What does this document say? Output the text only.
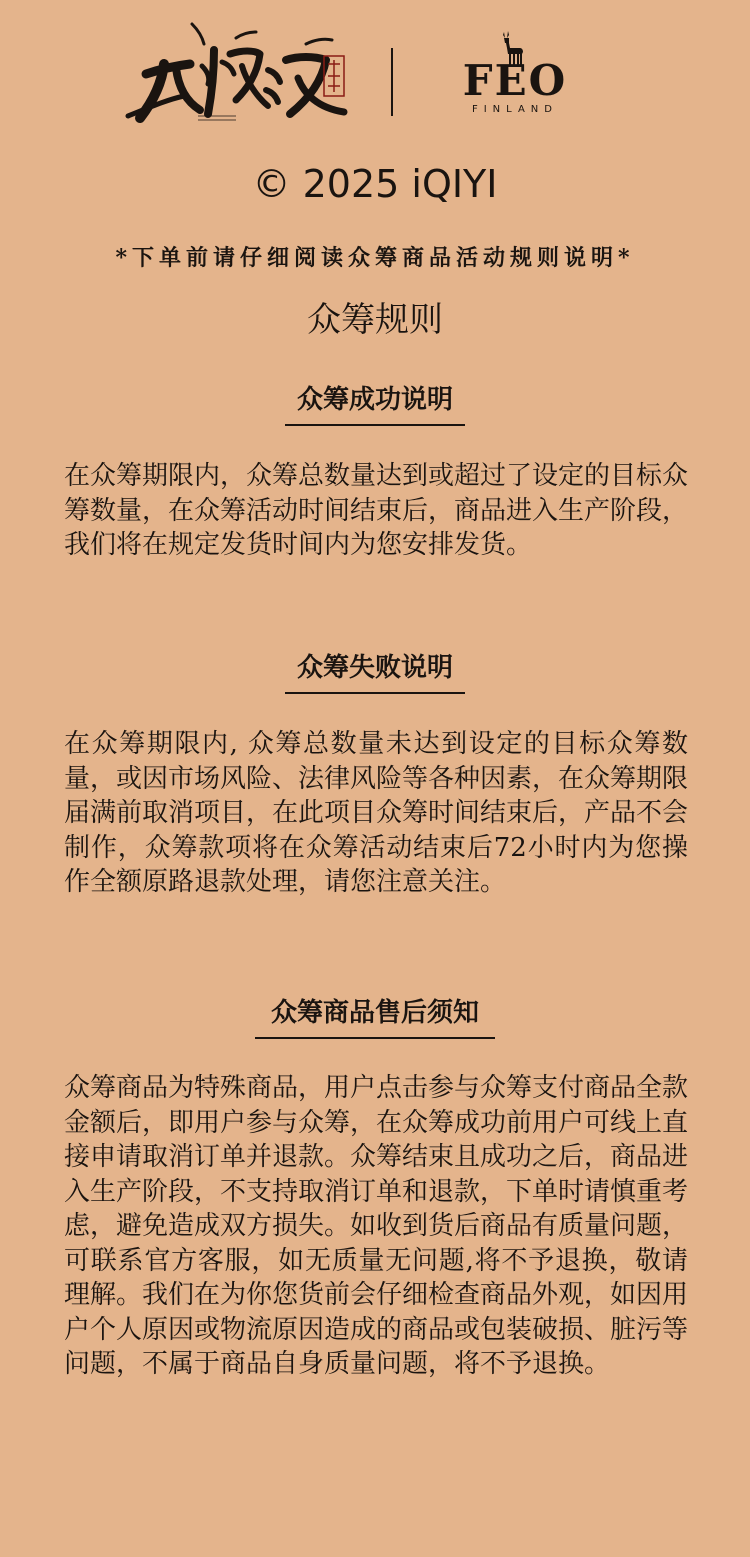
FEO
FINLAND
© 2025 iQIYI
*下单前请仔细阅读众筹商品活动规则说明*
众筹规则
众筹成功说明

在众筹期限内，众筹总数量达到或超过了设定的目标众筹数量，在众筹活动时间结束后，商品进入生产阶段，我们将在规定发货时间内为您安排发货。

众筹失败说明

在众筹期限内, 众筹总数量未达到设定的目标众筹数量，或因市场风险、法律风险等各种因素，在众筹期限届满前取消项目，在此项目众筹时间结束后，产品不会制作，众筹款项将在众筹活动结束后72小时内为您操作全额原路退款处理，请您注意关注。

众筹商品售后须知

众筹商品为特殊商品，用户点击参与众筹支付商品全款金额后，即用户参与众筹，在众筹成功前用户可线上直接申请取消订单并退款。众筹结束且成功之后，商品进入生产阶段，不支持取消订单和退款，下单时请慎重考虑，避免造成双方损失。如收到货后商品有质量问题，可联系官方客服，如无质量无问题,将不予退换，敬请理解。我们在为你您货前会仔细检查商品外观，如因用户个人原因或物流原因造成的商品或包装破损、脏污等问题，不属于商品自身质量问题，将不予退换。
